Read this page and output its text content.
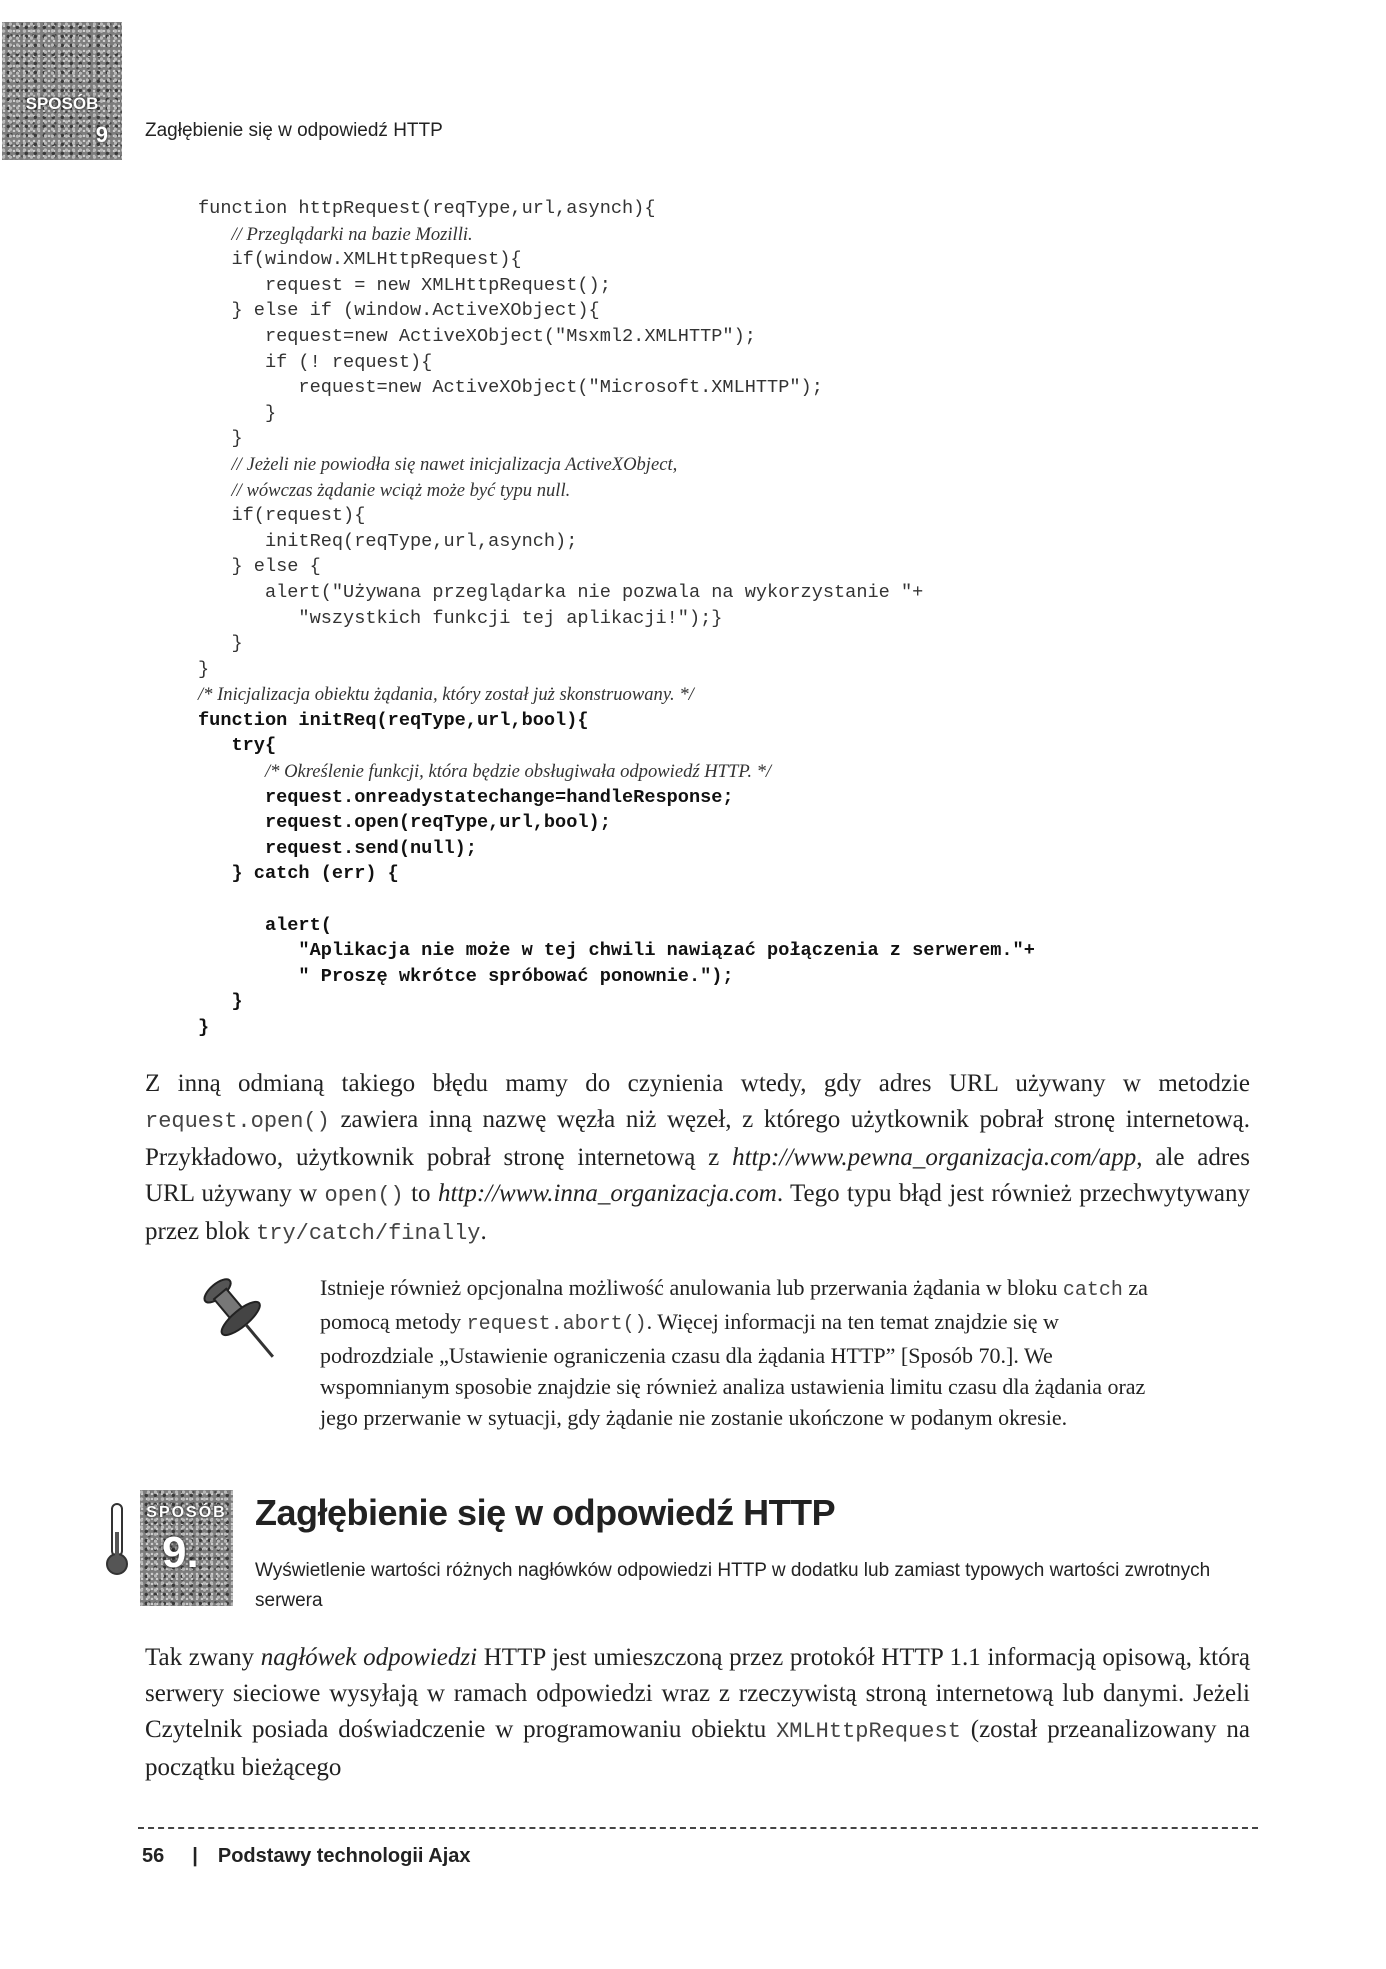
SPOSÓB
9 Zagłębienie się w odpowiedź HTTP
function httpRequest(reqType,url,asynch){
// Przeglądarki na bazie Mozilli.
if(window.XMLHttpRequest){
request = new XMLHttpRequest();
} else if (window.ActiveXObject){
request=new ActiveXObject("Msxml2.XMLHTTP");
if (! request){
request=new ActiveXObject("Microsoft.XMLHTTP");
}
}
// Jeżeli nie powiodła się nawet inicjalizacja ActiveXObject,
// wówczas żądanie wciąż może być typu null.
if(request){
initReq(reqType,url,asynch);
} else {
alert("Używana przeglądarka nie pozwala na wykorzystanie "+
"wszystkich funkcji tej aplikacji!");}
}
}
/* Inicjalizacja obiektu żądania, który został już skonstruowany. */
function initReq(reqType,url,bool){
try{
/* Określenie funkcji, która będzie obsługiwała odpowiedź HTTP. */
request.onreadystatechange=handleResponse;
request.open(reqType,url,bool);
request.send(null);
} catch (err) {
alert(
"Aplikacja nie może w tej chwili nawiązać połączenia z serwerem."+
" Proszę wkrótce spróbować ponownie.");
}
}

Z inną odmianą takiego błędu mamy do czynienia wtedy, gdy adres URL używany w metodzie request.open() zawiera inną nazwę węzła niż węzeł, z którego użytkownik pobrał stronę internetową. Przykładowo, użytkownik pobrał stronę internetową z http://www.pewna_organizacja.com/app, ale adres URL używany w open() to http://www.inna_organizacja.com. Tego typu błąd jest również przechwytywany przez blok try/catch/finally.

Istnieje również opcjonalna możliwość anulowania lub przerwania żądania w bloku catch za pomocą metody request.abort(). Więcej informacji na ten temat znajdzie się w podrozdziale „Ustawienie ograniczenia czasu dla żądania HTTP” [Sposób 70.]. We wspomnianym sposobie znajdzie się również analiza ustawienia limitu czasu dla żądania oraz jego przerwanie w sytuacji, gdy żądanie nie zostanie ukończone w podanym okresie.

SPOSÓB
9.
Zagłębienie się w odpowiedź HTTP

Wyświetlenie wartości różnych nagłówków odpowiedzi HTTP w dodatku lub zamiast typowych wartości zwrotnych serwera

Tak zwany nagłówek odpowiedzi HTTP jest umieszczoną przez protokół HTTP 1.1 informacją opisową, którą serwery sieciowe wysyłają w ramach odpowiedzi wraz z rzeczywistą stroną internetową lub danymi. Jeżeli Czytelnik posiada doświadczenie w programowaniu obiektu XMLHttpRequest (został przeanalizowany na początku bieżącego

56 | Podstawy technologii Ajax
